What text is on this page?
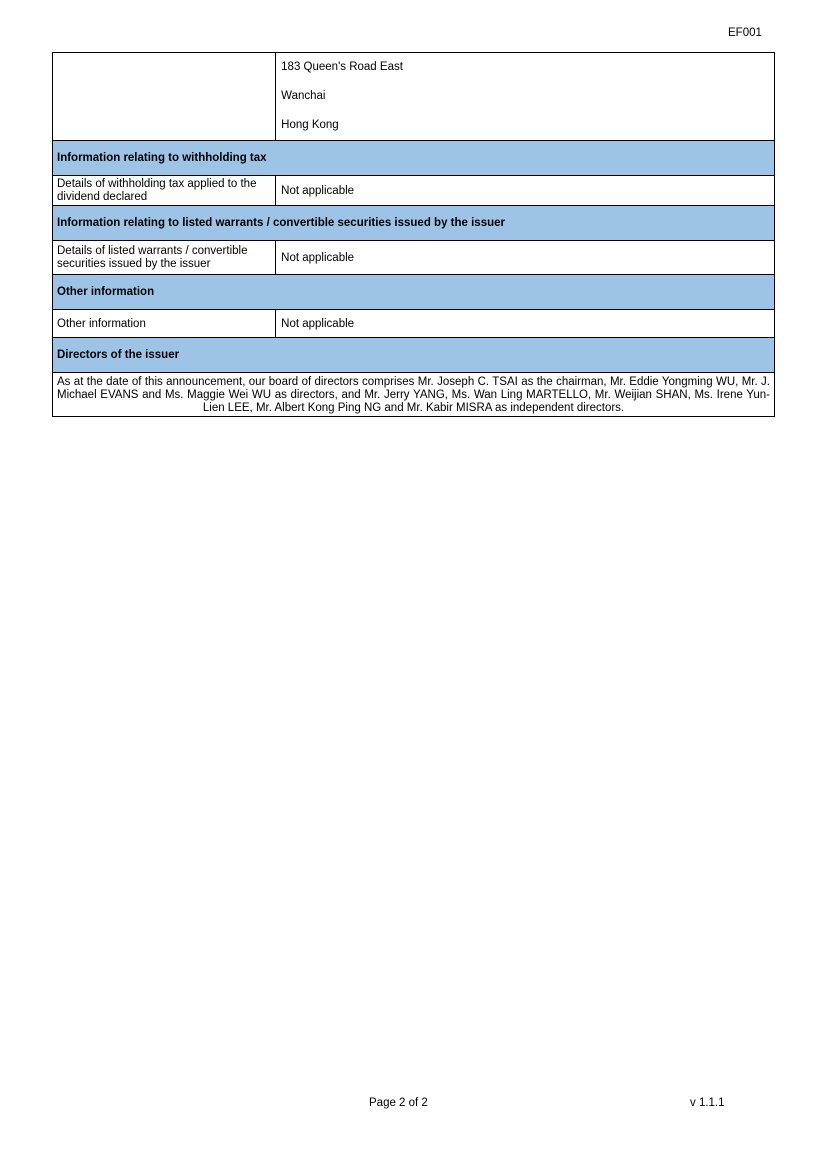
EF001

	183 Queen's Road East
Wanchai
Hong Kong

Information relating to withholding tax	
Details of withholding tax applied to the dividend declared	Not applicable
Information relating to listed warrants / convertible securities issued by the issuer	
Details of listed warrants / convertible securities issued by the issuer	Not applicable
Other information	
Other information	Not applicable
Directors of the issuer	
As at the date of this announcement, our board of directors comprises Mr. Joseph C. TSAI as the chairman, Mr. Eddie Yongming WU, Mr. J. Michael EVANS and Ms. Maggie Wei WU as directors, and Mr. Jerry YANG, Ms. Wan Ling MARTELLO, Mr. Weijian SHAN, Ms. Irene Yun-Lien LEE, Mr. Albert Kong Ping NG and Mr. Kabir MISRA as independent directors.	
Page 2 of 2	v 1.1.1
